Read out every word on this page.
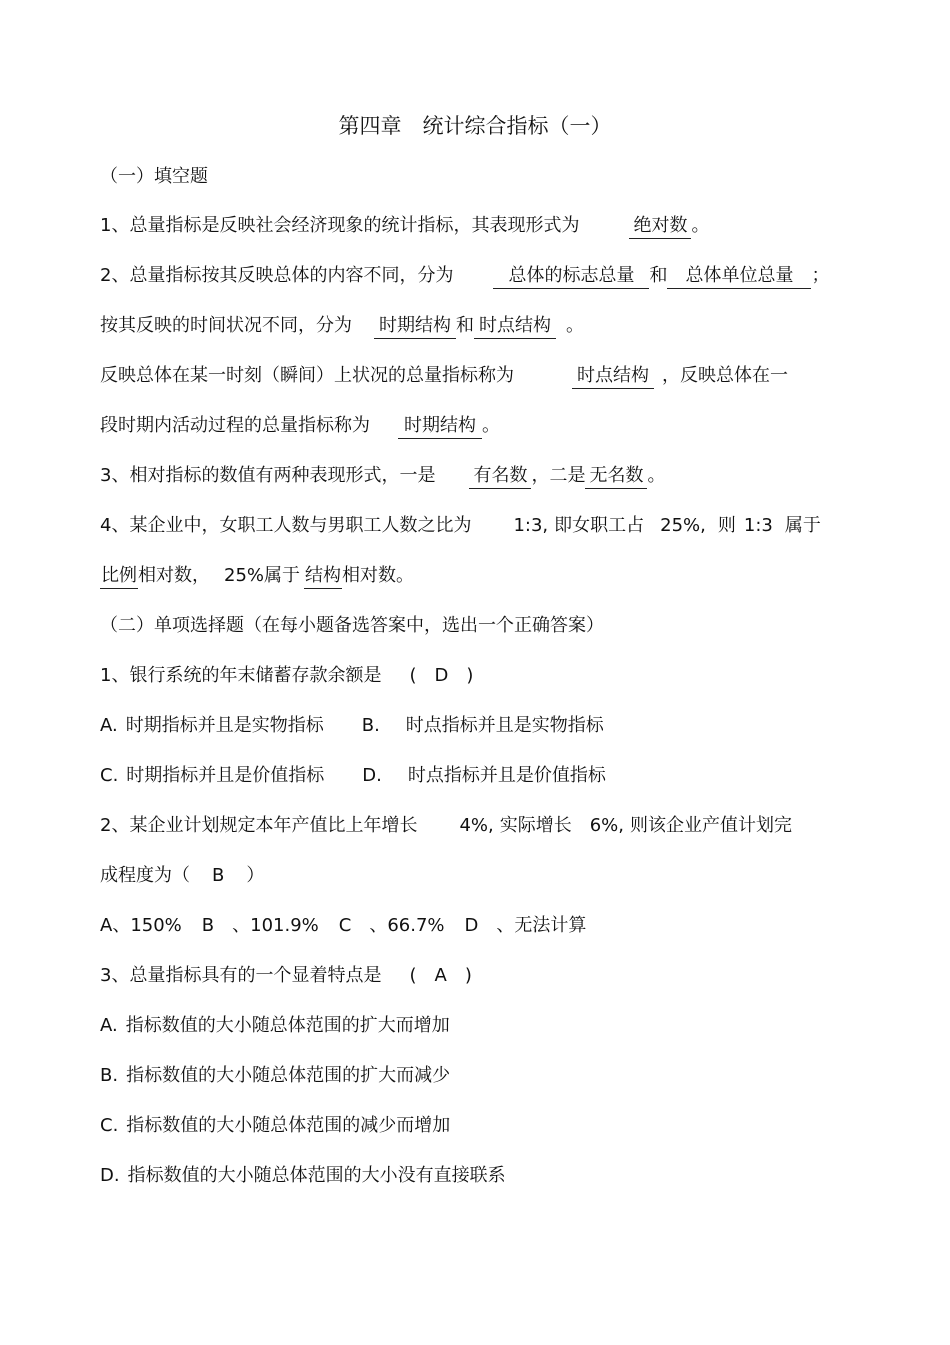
第四章　统计综合指标（一）
（一）填空题
1、总量指标是反映社会经济现象的统计指标，其表现形式为	绝对数 。
2、总量指标按其反映总体的内容不同，分为	总体的标志总量 和 总体单位总量 ；
按其反映的时间状况不同，分为 时期结构 和 时点结构 。
反映总体在某一时刻（瞬间）上状况的总量指标称为	时点结构 ，反映总体在一
段时期内活动过程的总量指标称为 时期结构 。
3、相对指标的数值有两种表现形式，一是 有名数 ，二是 无名数 。
4、某企业中，女职工人数与男职工人数之比为 1:3, 即女职工占 25%, 则 1:3 属于
比例相对数， 25%属于 结构相对数。
（二）单项选择题（在每小题备选答案中，选出一个正确答案）
1、银行系统的年末储蓄存款余额是 ( D )
A. 时期指标并且是实物指标 B. 时点指标并且是实物指标
C. 时期指标并且是价值指标 D. 时点指标并且是价值指标
2、某企业计划规定本年产值比上年增长 4%, 实际增长 6%, 则该企业产值计划完
成程度为（ B ）
A、150% B　、101.9% C　、66.7% D　、无法计算
3、总量指标具有的一个显着特点是 ( A )
A. 指标数值的大小随总体范围的扩大而增加
B. 指标数值的大小随总体范围的扩大而减少
C. 指标数值的大小随总体范围的减少而增加
D. 指标数值的大小随总体范围的大小没有直接联系
